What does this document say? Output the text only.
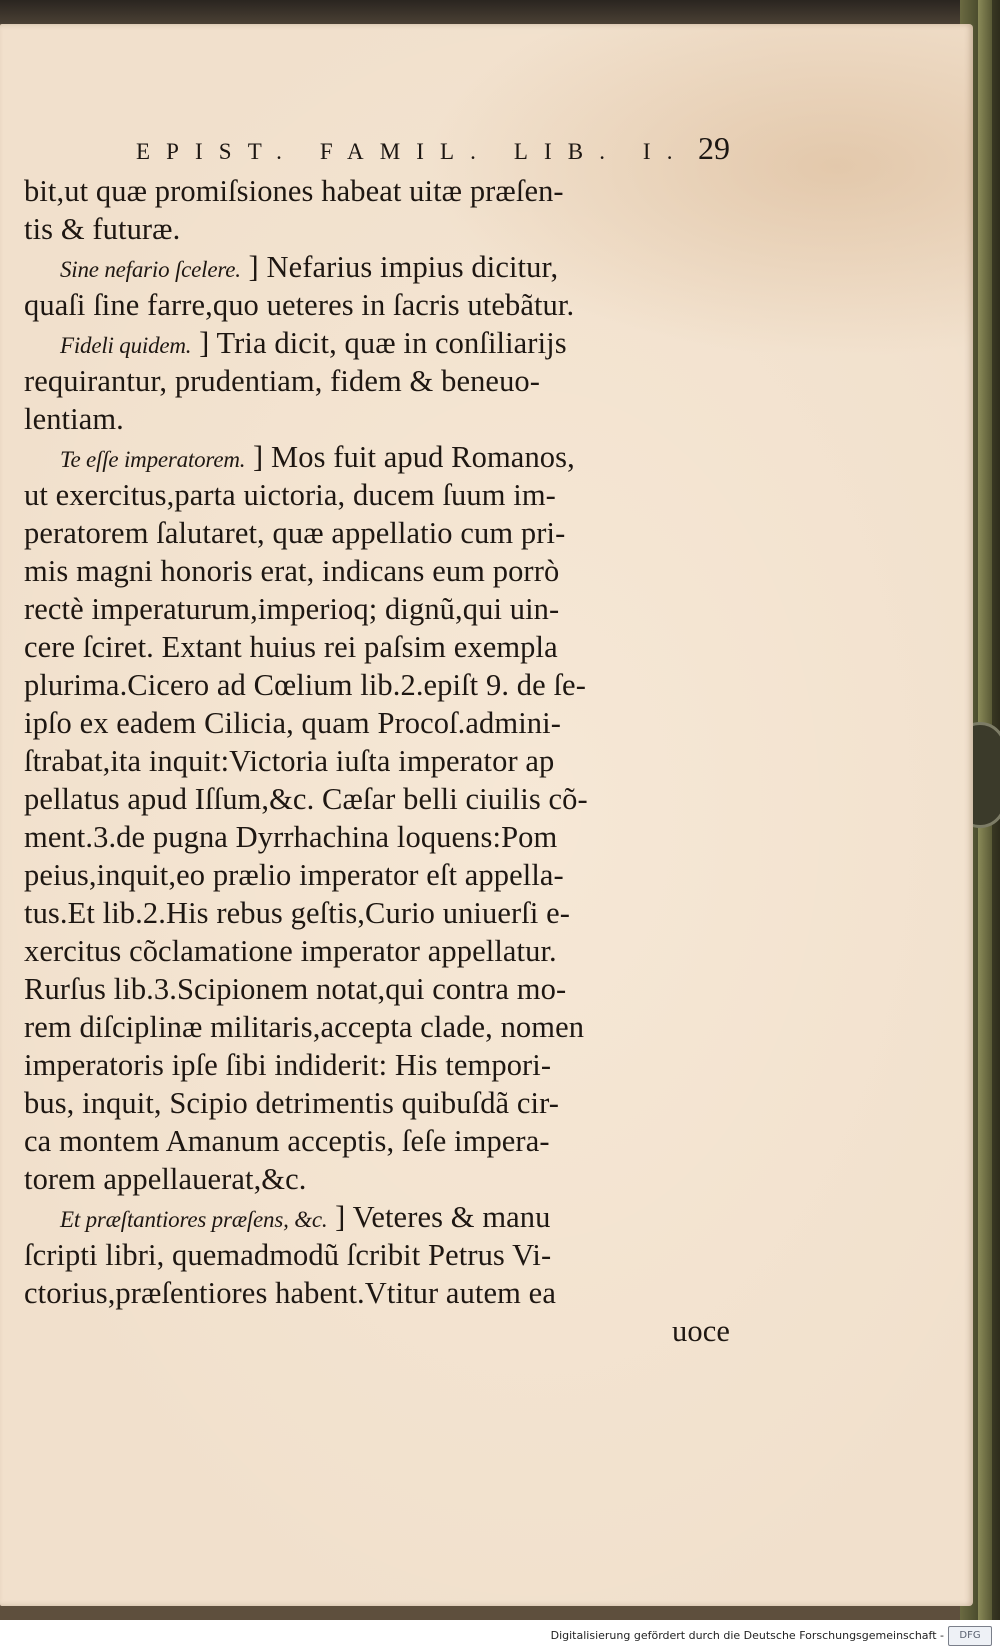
EPIST. FAMIL. LIB. I. 29
bit,ut quæ promiſsiones habeat uitæ præſen-
tis & futuræ.
Sine nefario ſcelere. ] Nefarius impius dicitur,
quaſi ſine farre,quo ueteres in ſacris utebãtur.
Fideli quidem. ] Tria dicit, quæ in conſiliarijs
requirantur, prudentiam, fidem & beneuo-
lentiam.
Te eſſe imperatorem. ] Mos fuit apud Romanos,
ut exercitus,parta uictoria, ducem ſuum im-
peratorem ſalutaret, quæ appellatio cum pri-
mis magni honoris erat, indicans eum porrò
rectè imperaturum,imperioq; dignũ,qui uin-
cere ſciret. Extant huius rei paſsim exempla
plurima.Cicero ad Cœlium lib.2.epiſt 9. de ſe-
ipſo ex eadem Cilicia, quam Procoſ.admini-
ſtrabat,ita inquit:Victoria iuſta imperator ap
pellatus apud Iſſum,&c. Cæſar belli ciuilis cõ-
ment.3.de pugna Dyrrhachina loquens:Pom
peius,inquit,eo prælio imperator eſt appella-
tus.Et lib.2.His rebus geſtis,Curio uniuerſi e-
xercitus cõclamatione imperator appellatur.
Rurſus lib.3.Scipionem notat,qui contra mo-
rem diſciplinæ militaris,accepta clade, nomen
imperatoris ipſe ſibi indiderit: His tempori-
bus, inquit, Scipio detrimentis quibuſdã cir-
ca montem Amanum acceptis, ſeſe impera-
torem appellauerat,&c.
Et præſtantiores præſens, &c. ] Veteres & manu
ſcripti libri, quemadmodũ ſcribit Petrus Vi-
ctorius,præſentiores habent.Vtitur autem ea
uoce
Digitalisierung gefördert durch die Deutsche Forschungsgemeinschaft -	DFG
